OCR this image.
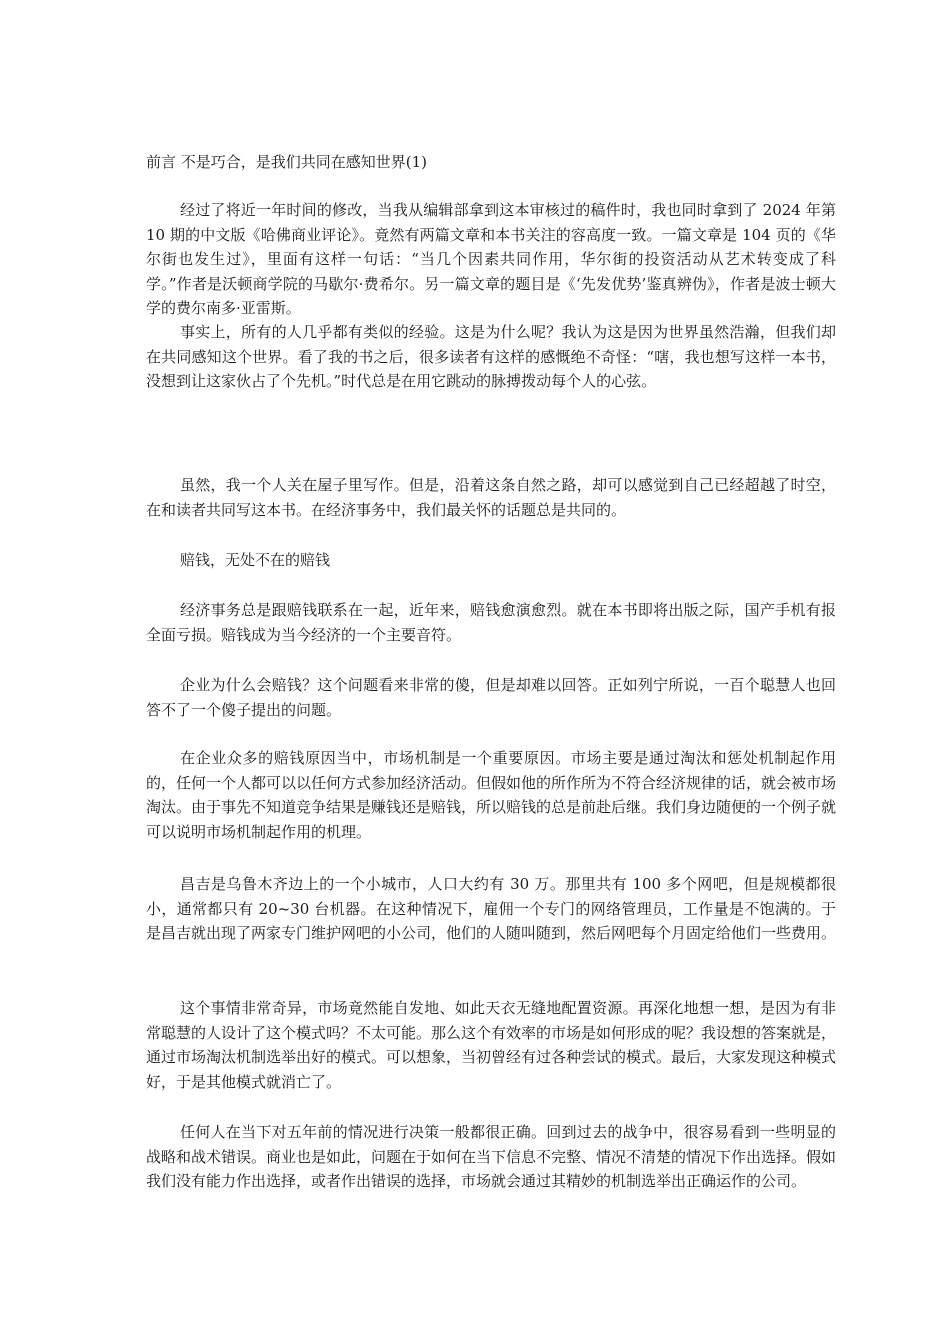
前言 不是巧合，是我们共同在感知世界(1)

经过了将近一年时间的修改，当我从编辑部拿到这本审核过的稿件时，我也同时拿到了 2024 年第 10 期的中文版《哈佛商业评论》。竟然有两篇文章和本书关注的容高度一致。一篇文章是 104 页的《华尔街也发生过》，里面有这样一句话：“当几个因素共同作用，华尔街的投资活动从艺术转变成了科学。”作者是沃顿商学院的马歇尔·费希尔。另一篇文章的题目是《‘先发优势’鉴真辨伪》，作者是波士顿大学的费尔南多·亚雷斯。

事实上，所有的人几乎都有类似的经验。这是为什么呢？我认为这是因为世界虽然浩瀚，但我们却在共同感知这个世界。看了我的书之后，很多读者有这样的感慨绝不奇怪：“嗐，我也想写这样一本书，没想到让这家伙占了个先机。”时代总是在用它跳动的脉搏拨动每个人的心弦。

虽然，我一个人关在屋子里写作。但是，沿着这条自然之路，却可以感觉到自己已经超越了时空，在和读者共同写这本书。在经济事务中，我们最关怀的话题总是共同的。

赔钱，无处不在的赔钱

经济事务总是跟赔钱联系在一起，近年来，赔钱愈演愈烈。就在本书即将出版之际，国产手机有报全面亏损。赔钱成为当今经济的一个主要音符。

企业为什么会赔钱？这个问题看来非常的傻，但是却难以回答。正如列宁所说，一百个聪慧人也回答不了一个傻子提出的问题。

在企业众多的赔钱原因当中，市场机制是一个重要原因。市场主要是通过淘汰和惩处机制起作用的，任何一个人都可以以任何方式参加经济活动。但假如他的所作所为不符合经济规律的话，就会被市场淘汰。由于事先不知道竞争结果是赚钱还是赔钱，所以赔钱的总是前赴后继。我们身边随便的一个例子就可以说明市场机制起作用的机理。

昌吉是乌鲁木齐边上的一个小城市，人口大约有 30 万。那里共有 100 多个网吧，但是规模都很小，通常都只有 20~30 台机器。在这种情况下，雇佣一个专门的网络管理员，工作量是不饱满的。于是昌吉就出现了两家专门维护网吧的小公司，他们的人随叫随到，然后网吧每个月固定给他们一些费用。

这个事情非常奇异，市场竟然能自发地、如此天衣无缝地配置资源。再深化地想一想，是因为有非常聪慧的人设计了这个模式吗？不太可能。那么这个有效率的市场是如何形成的呢？我设想的答案就是，通过市场淘汰机制选举出好的模式。可以想象，当初曾经有过各种尝试的模式。最后，大家发现这种模式好，于是其他模式就消亡了。

任何人在当下对五年前的情况进行决策一般都很正确。回到过去的战争中，很容易看到一些明显的战略和战术错误。商业也是如此，问题在于如何在当下信息不完整、情况不清楚的情况下作出选择。假如我们没有能力作出选择，或者作出错误的选择，市场就会通过其精妙的机制选举出正确运作的公司。
